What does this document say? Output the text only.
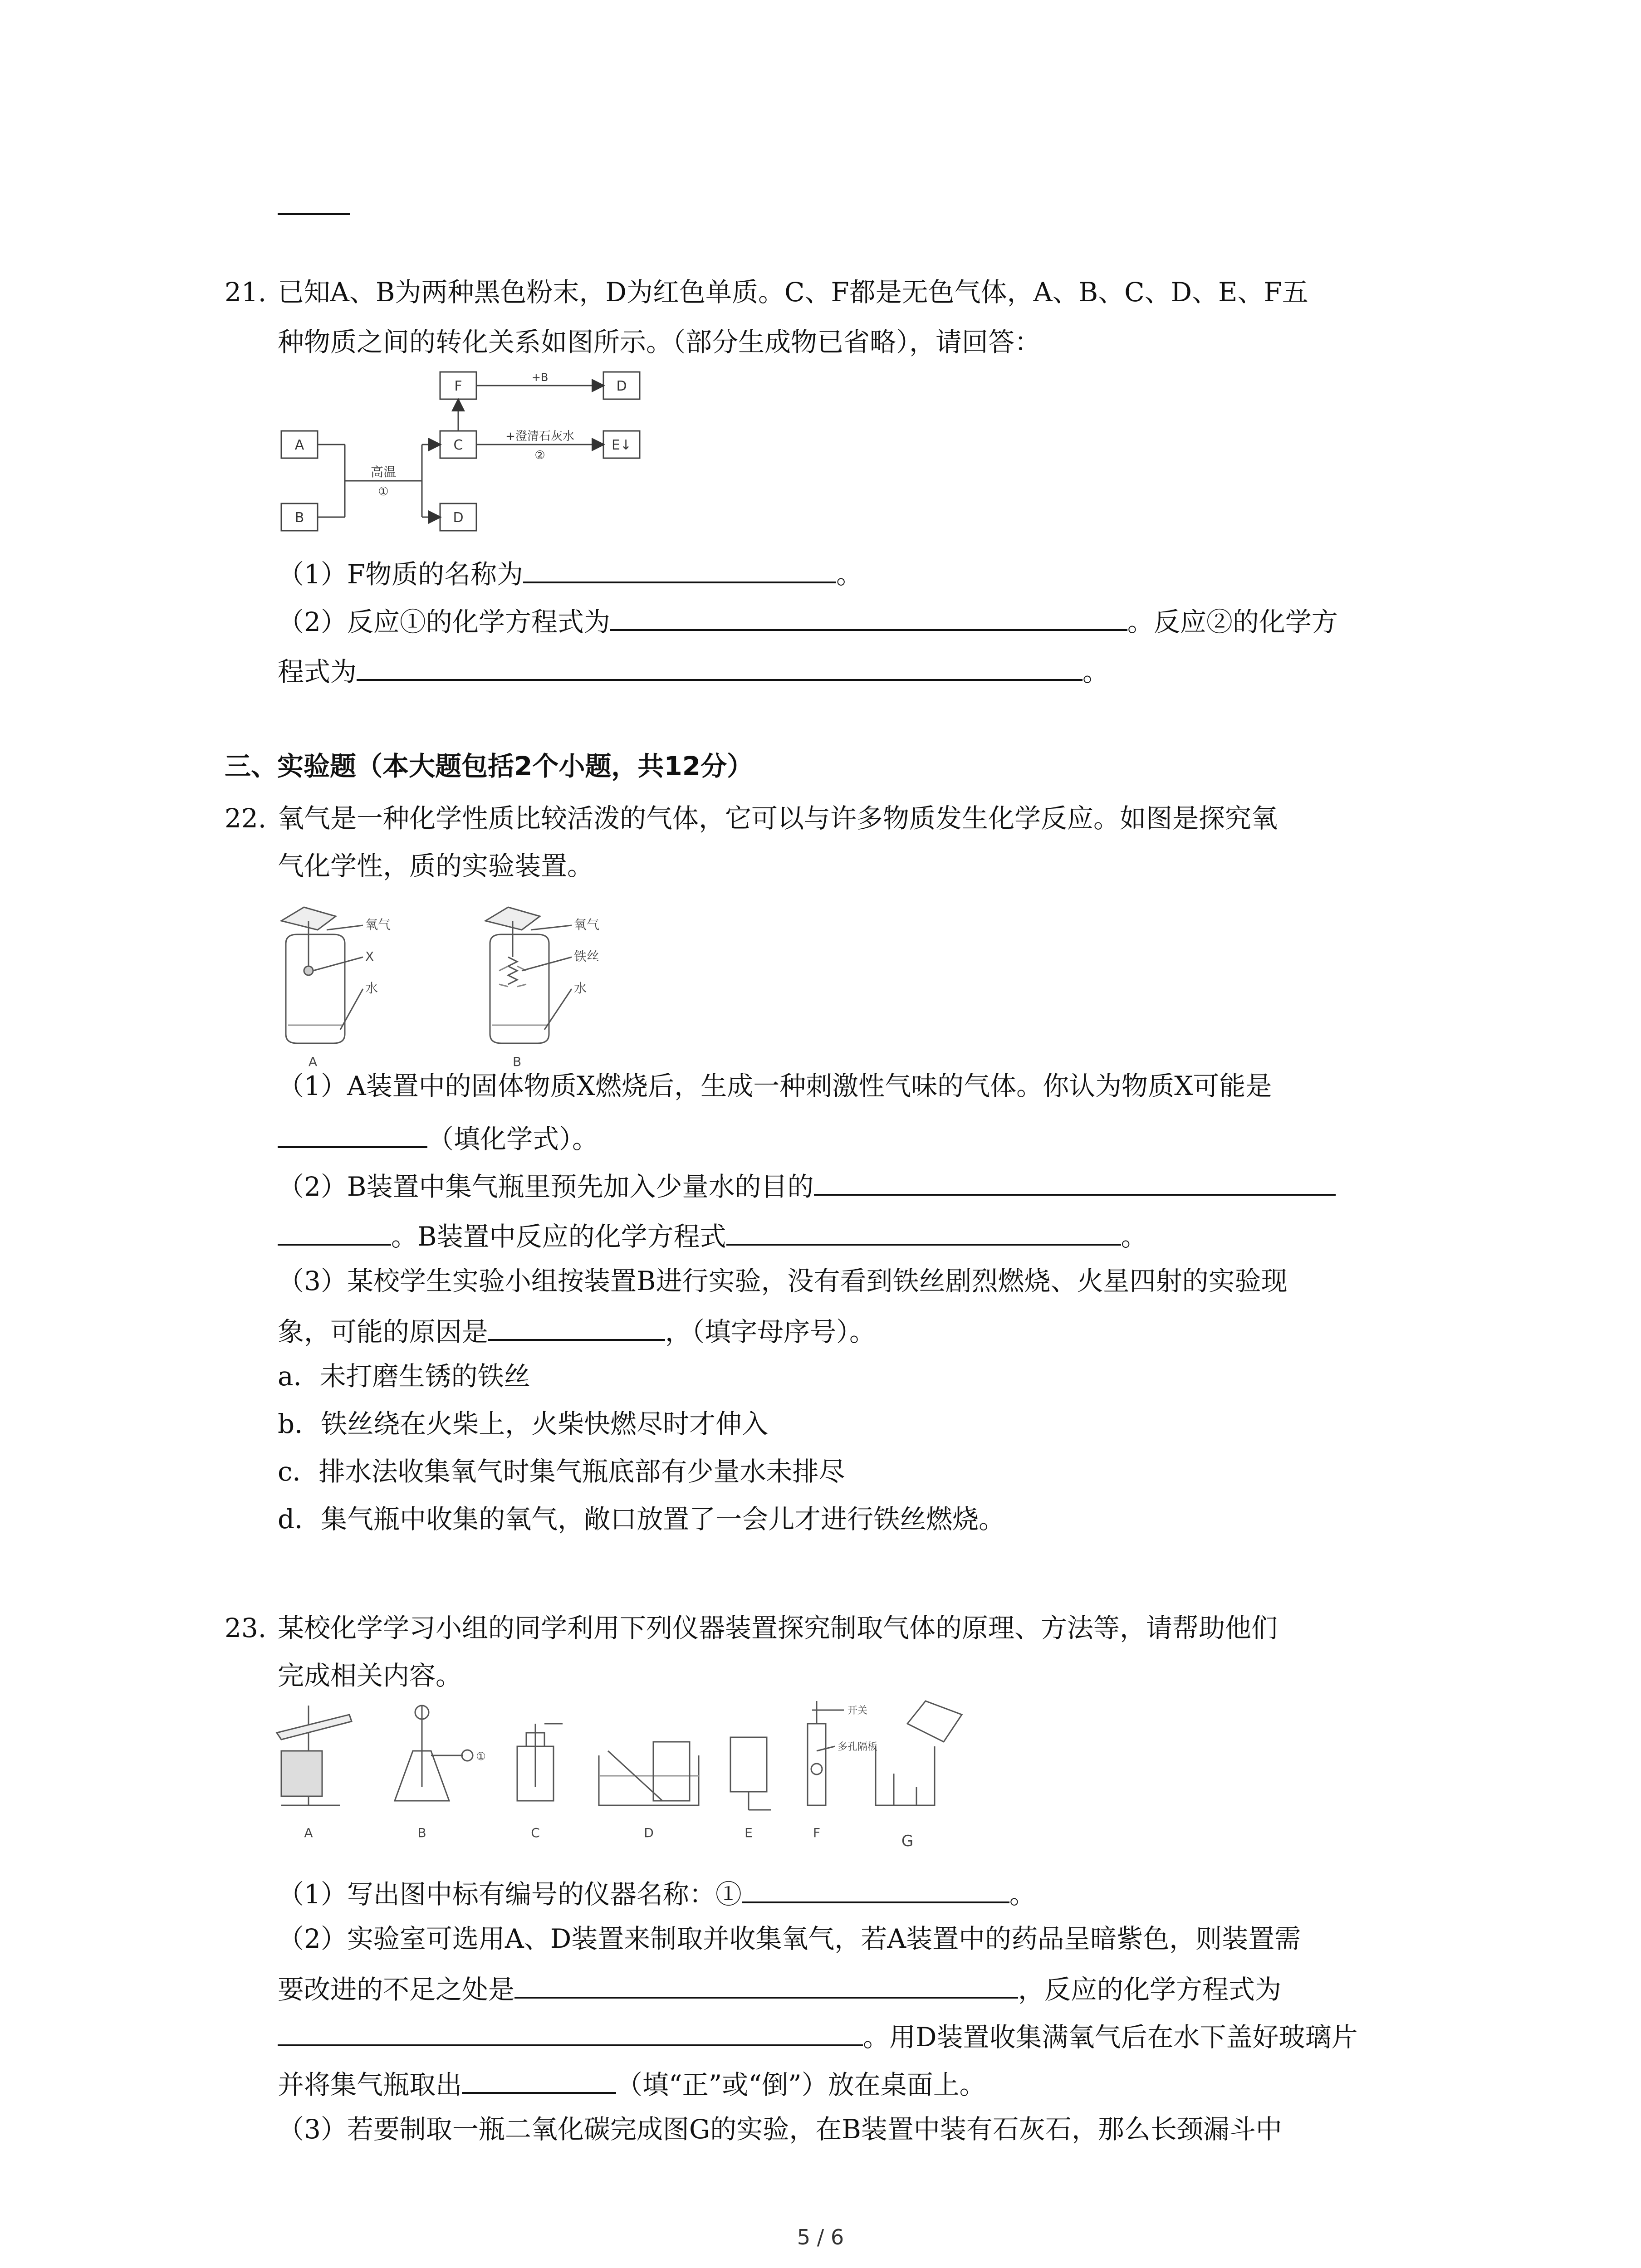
21. 已知A、B为两种黑色粉末，D为红色单质。C、F都是无色气体，A、B、C、D、E、F五
种物质之间的转化关系如图所示。（部分生成物已省略），请回答：
A
B
C
F	D
E↓
D
高温
①
+B
+澄清石灰水
②
（1）F物质的名称为	。
（2）反应①的化学方程式为	。反应②的化学方
程式为	。
三、实验题（本大题包括2个小题，共12分）
22. 氧气是一种化学性质比较活泼的气体，它可以与许多物质发生化学反应。如图是探究氧
气化学性，质的实验装置。
氧气
X
水
A
氧气
铁丝
水
B
（1）A装置中的固体物质X燃烧后，生成一种刺激性气味的气体。你认为物质X可能是
（填化学式）。
（2）B装置中集气瓶里预先加入少量水的目的
。B装置中反应的化学方程式	。
（3）某校学生实验小组按装置B进行实验，没有看到铁丝剧烈燃烧、火星四射的实验现
象，可能的原因是	，（填字母序号）。
a．未打磨生锈的铁丝
b．铁丝绕在火柴上，火柴快燃尽时才伸入
c．排水法收集氧气时集气瓶底部有少量水未排尽
d．集气瓶中收集的氧气，敞口放置了一会儿才进行铁丝燃烧。
23. 某校化学学习小组的同学利用下列仪器装置探究制取气体的原理、方法等，请帮助他们
完成相关内容。
A	B	C	D	E	F	G
①
开关
多孔隔板
（1）写出图中标有编号的仪器名称：①	。
（2）实验室可选用A、D装置来制取并收集氧气，若A装置中的药品呈暗紫色，则装置需
要改进的不足之处是	，反应的化学方程式为
。用D装置收集满氧气后在水下盖好玻璃片
并将集气瓶取出	（填“正”或“倒”）放在桌面上。
（3）若要制取一瓶二氧化碳完成图G的实验，在B装置中装有石灰石，那么长颈漏斗中
5 / 6
